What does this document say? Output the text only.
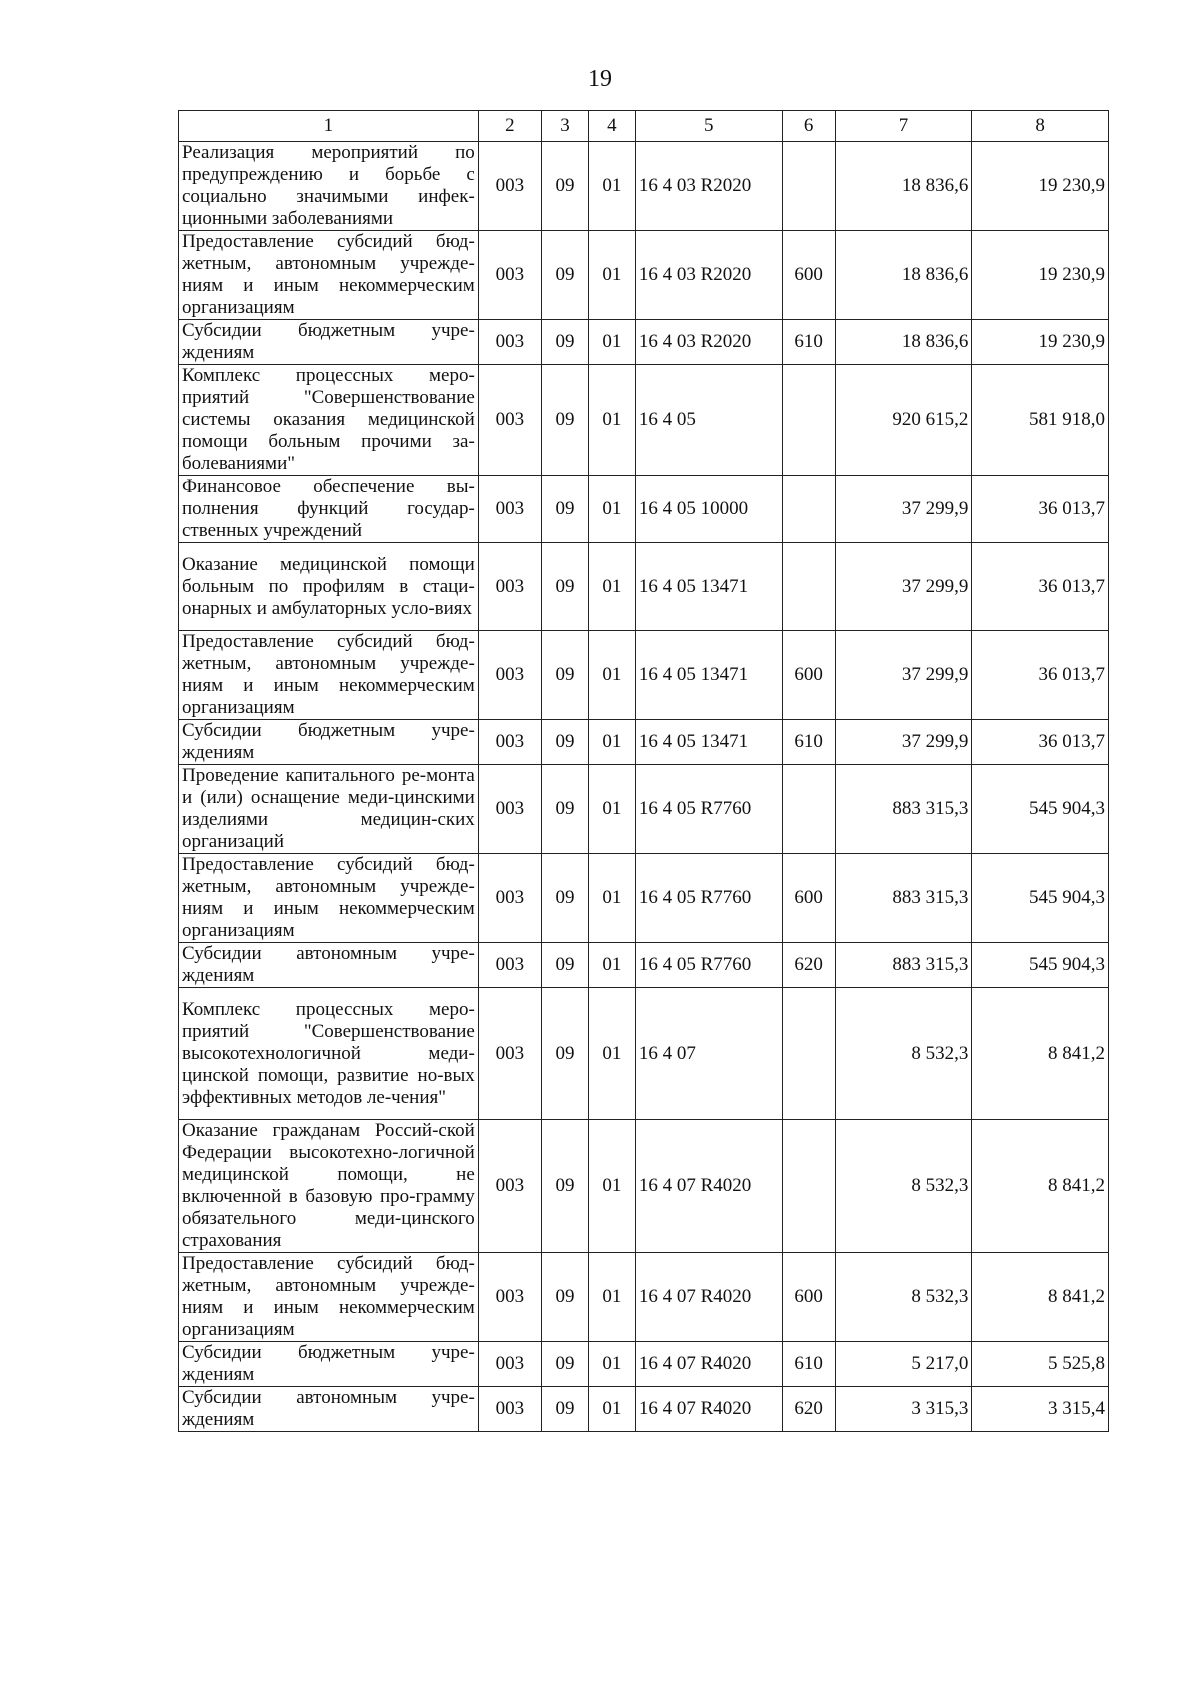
19
1	2	3	4	5	6	7	8
Реализация мероприятий по предупреждению и борьбе с социально значимыми инфек-ционными заболеваниями	003	09	01	16 4 03 R2020		18 836,6	19 230,9
Предоставление субсидий бюд-жетным, автономным учрежде-ниям и иным некоммерческим организациям	003	09	01	16 4 03 R2020	600	18 836,6	19 230,9
Субсидии бюджетным учре-ждениям	003	09	01	16 4 03 R2020	610	18 836,6	19 230,9
Комплекс процессных меро-приятий "Совершенствование системы оказания медицинской помощи больным прочими за-болеваниями"	003	09	01	16 4 05		920 615,2	581 918,0
Финансовое обеспечение вы-полнения функций государ-ственных учреждений	003	09	01	16 4 05 10000		37 299,9	36 013,7
Оказание медицинской помощи больным по профилям в стаци-онарных и амбулаторных усло-виях	003	09	01	16 4 05 13471		37 299,9	36 013,7
Предоставление субсидий бюд-жетным, автономным учрежде-ниям и иным некоммерческим организациям	003	09	01	16 4 05 13471	600	37 299,9	36 013,7
Субсидии бюджетным учре-ждениям	003	09	01	16 4 05 13471	610	37 299,9	36 013,7
Проведение капитального ре-монта и (или) оснащение меди-цинскими изделиями медицин-ских организаций	003	09	01	16 4 05 R7760		883 315,3	545 904,3
Предоставление субсидий бюд-жетным, автономным учрежде-ниям и иным некоммерческим организациям	003	09	01	16 4 05 R7760	600	883 315,3	545 904,3
Субсидии автономным учре-ждениям	003	09	01	16 4 05 R7760	620	883 315,3	545 904,3
Комплекс процессных меро-приятий "Совершенствование высокотехнологичной меди-цинской помощи, развитие но-вых эффективных методов ле-чения"	003	09	01	16 4 07		8 532,3	8 841,2
Оказание гражданам Россий-ской Федерации высокотехно-логичной медицинской помощи, не включенной в базовую про-грамму обязательного меди-цинского страхования	003	09	01	16 4 07 R4020		8 532,3	8 841,2
Предоставление субсидий бюд-жетным, автономным учрежде-ниям и иным некоммерческим организациям	003	09	01	16 4 07 R4020	600	8 532,3	8 841,2
Субсидии бюджетным учре-ждениям	003	09	01	16 4 07 R4020	610	5 217,0	5 525,8
Субсидии автономным учре-ждениям	003	09	01	16 4 07 R4020	620	3 315,3	3 315,4
